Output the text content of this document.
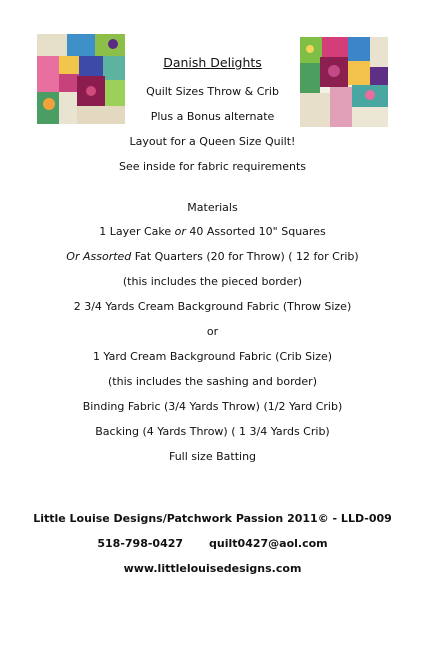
Danish Delights
Quilt Sizes Throw & Crib
Plus a Bonus alternate
Layout for a Queen Size Quilt!
See inside for fabric requirements
Materials
1 Layer Cake or 40 Assorted 10" Squares
Or Assorted Fat Quarters (20 for Throw) ( 12 for Crib)
(this includes the pieced border)
2 3/4 Yards Cream Background Fabric (Throw Size)
or
1 Yard Cream Background Fabric (Crib Size)
(this includes the sashing and border)
Binding Fabric (3/4 Yards Throw) (1/2 Yard Crib)
Backing (4 Yards Throw) ( 1 3/4 Yards Crib)
Full size Batting
Little Louise Designs/Patchwork Passion 2011© - LLD-009
518-798-0427 quilt0427@aol.com
www.littlelouisedesigns.com
